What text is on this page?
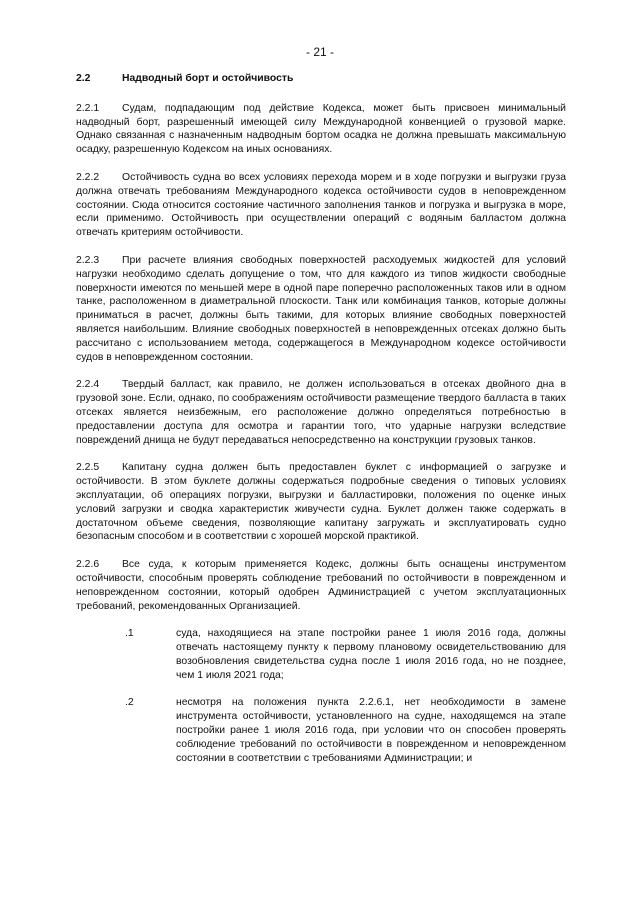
- 21 -
2.2	Надводный борт и остойчивость

2.2.1 Судам, подпадающим под действие Кодекса, может быть присвоен минимальный надводный борт, разрешенный имеющей силу Международной конвенцией о грузовой марке. Однако связанная с назначенным надводным бортом осадка не должна превышать максимальную осадку, разрешенную Кодексом на иных основаниях.

2.2.2 Остойчивость судна во всех условиях перехода морем и в ходе погрузки и выгрузки груза должна отвечать требованиям Международного кодекса остойчивости судов в неповрежденном состоянии. Сюда относится состояние частичного заполнения танков и погрузка и выгрузка в море, если применимо. Остойчивость при осуществлении операций с водяным балластом должна отвечать критериям остойчивости.

2.2.3 При расчете влияния свободных поверхностей расходуемых жидкостей для условий нагрузки необходимо сделать допущение о том, что для каждого из типов жидкости свободные поверхности имеются по меньшей мере в одной паре поперечно расположенных таков или в одном танке, расположенном в диаметральной плоскости. Танк или комбинация танков, которые должны приниматься в расчет, должны быть такими, для которых влияние свободных поверхностей является наибольшим. Влияние свободных поверхностей в неповрежденных отсеках должно быть рассчитано с использованием метода, содержащегося в Международном кодексе остойчивости судов в неповрежденном состоянии.

2.2.4 Твердый балласт, как правило, не должен использоваться в отсеках двойного дна в грузовой зоне. Если, однако, по соображениям остойчивости размещение твердого балласта в таких отсеках является неизбежным, его расположение должно определяться потребностью в предоставлении доступа для осмотра и гарантии того, что ударные нагрузки вследствие повреждений днища не будут передаваться непосредственно на конструкции грузовых танков.

2.2.5 Капитану судна должен быть предоставлен буклет с информацией о загрузке и остойчивости. В этом буклете должны содержаться подробные сведения о типовых условиях эксплуатации, об операциях погрузки, выгрузки и балластировки, положения по оценке иных условий загрузки и сводка характеристик живучести судна. Буклет должен также содержать в достаточном объеме сведения, позволяющие капитану загружать и эксплуатировать судно безопасным способом и в соответствии с хорошей морской практикой.

2.2.6 Все суда, к которым применяется Кодекс, должны быть оснащены инструментом остойчивости, способным проверять соблюдение требований по остойчивости в поврежденном и неповрежденном состоянии, который одобрен Администрацией с учетом эксплуатационных требований, рекомендованных Организацией.

.1	суда, находящиеся на этапе постройки ранее 1 июля 2016 года, должны отвечать настоящему пункту к первому плановому освидетельствованию для возобновления свидетельства судна после 1 июля 2016 года, но не позднее, чем 1 июля 2021 года;
.2	несмотря на положения пункта 2.2.6.1, нет необходимости в замене инструмента остойчивости, установленного на судне, находящемся на этапе постройки ранее 1 июля 2016 года, при условии что он способен проверять соблюдение требований по остойчивости в поврежденном и неповрежденном состоянии в соответствии с требованиями Администрации; и
